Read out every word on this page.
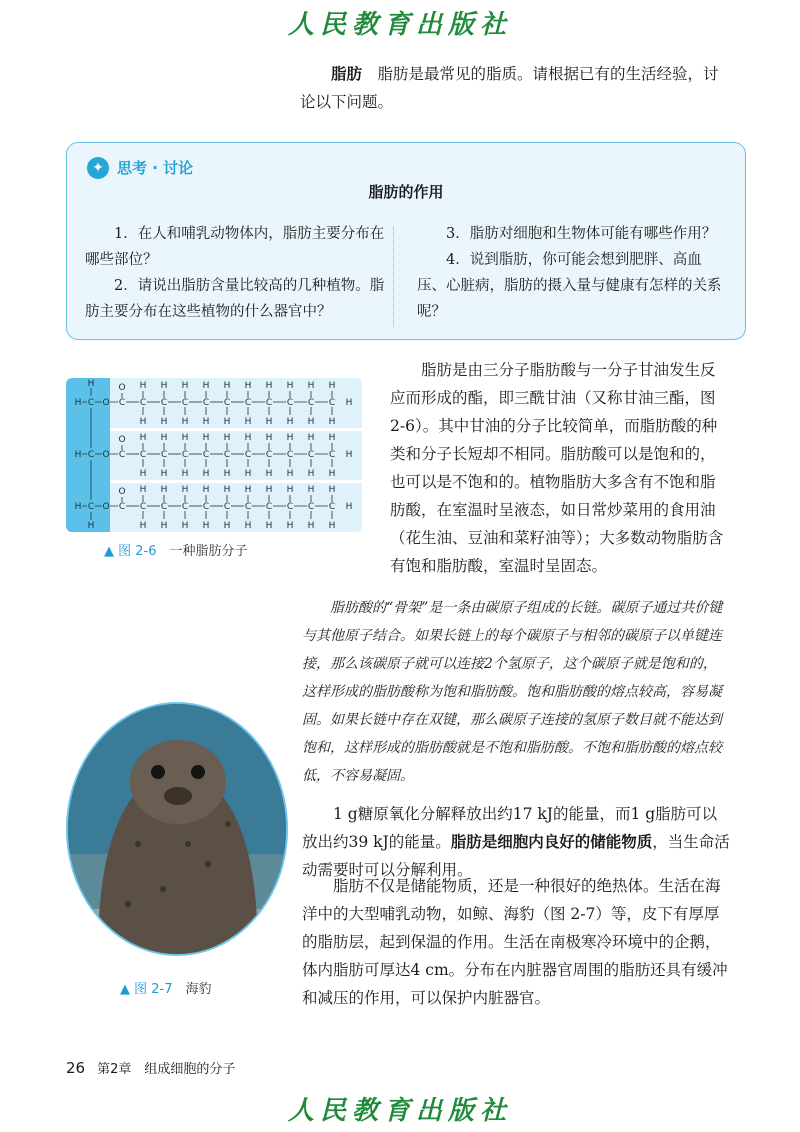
人民教育出版社

脂肪　 脂肪是最常见的脂质。请根据已有的生活经验，讨论以下问题。

✦ 思考 · 讨论
脂肪的作用

1．在人和哺乳动物体内，脂肪主要分布在哪些部位？

2．请说出脂肪含量比较高的几种植物。脂肪主要分布在这些植物的什么器官中？

3．脂肪对细胞和生物体可能有哪些作用？

4．说到脂肪，你可能会想到肥胖、高血压、心脏病，脂肪的摄入量与健康有怎样的关系呢？

H
H C O
H C O
H C O
H
O
C C
H
H
C
H
H
C
H
H
C
H
H
C
H
H
C
H
H
C
H
H
C
H
H
C
H
H
C
H
H
H
O
C C
H
H
C
H
H
C
H
H
C
H
H
C
H
H
C
H
H
C
H
H
C
H
H
C
H
H
C
H
H
H
O
C C
H
H
C
H
H
C
H
H
C
H
H
C
H
H
C
H
H
C
H
H
C
H
H
C
H
H
C
H
H
H
▲ 图 2-6　 一种脂肪分子

脂肪是由三分子脂肪酸与一分子甘油发生反应而形成的酯，即三酰甘油（又称甘油三酯，图 2-6）。其中甘油的分子比较简单，而脂肪酸的种类和分子长短却不相同。脂肪酸可以是饱和的，也可以是不饱和的。植物脂肪大多含有不饱和脂肪酸，在室温时呈液态，如日常炒菜用的食用油（花生油、豆油和菜籽油等）；大多数动物脂肪含有饱和脂肪酸，室温时呈固态。

脂肪酸的“骨架”是一条由碳原子组成的长链。碳原子通过共价键与其他原子结合。如果长链上的每个碳原子与相邻的碳原子以单键连接，那么该碳原子就可以连接2个氢原子，这个碳原子就是饱和的，这样形成的脂肪酸称为饱和脂肪酸。饱和脂肪酸的熔点较高，容易凝固。如果长链中存在双键，那么碳原子连接的氢原子数目就不能达到饱和，这样形成的脂肪酸就是不饱和脂肪酸。不饱和脂肪酸的熔点较低，不容易凝固。

▲ 图 2-7　 海豹

1 g糖原氧化分解释放出约17 kJ的能量，而1 g脂肪可以放出约39 kJ的能量。脂肪是细胞内良好的储能物质，当生命活动需要时可以分解利用。

脂肪不仅是储能物质，还是一种很好的绝热体。生活在海洋中的大型哺乳动物，如鲸、海豹（图 2-7）等，皮下有厚厚的脂肪层，起到保温的作用。生活在南极寒冷环境中的企鹅，体内脂肪可厚达4 cm。分布在内脏器官周围的脂肪还具有缓冲和减压的作用，可以保护内脏器官。

26 第2章　 组成细胞的分子
人民教育出版社
